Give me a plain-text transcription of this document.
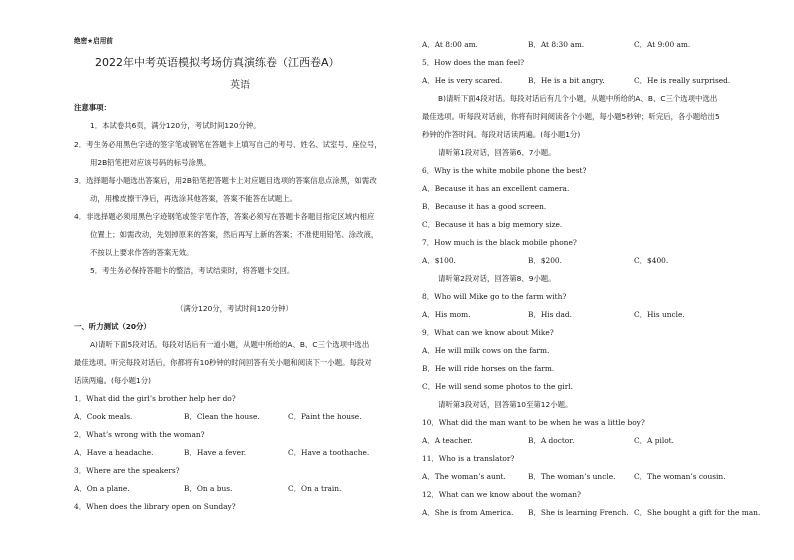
绝密★启用前
2022年中考英语模拟考场仿真演练卷（江西卷A）
英语
注意事项：
1．本试卷共6页，满分120分，考试时间120分钟。
2．考生务必用黑色字迹的签字笔或钢笔在答题卡上填写自己的考号、姓名、试室号、座位号，
用2B铅笔把对应该号码的标号涂黑。
3．选择题每小题选出答案后，用2B铅笔把答题卡上对应题目选项的答案信息点涂黑，如需改
动，用橡皮擦干净后，再选涂其他答案，答案不能答在试题上。
4．非选择题必须用黑色字迹钢笔或签字笔作答，答案必须写在答题卡各题目指定区域内相应
位置上；如需改动，先划掉原来的答案，然后再写上新的答案；不准使用铅笔、涂改液，
不按以上要求作答的答案无效。
5．考生务必保持答题卡的整洁，考试结束时，将答题卡交回。
（满分120分，考试时间120分钟）
一、听力测试（20分）
A)请听下面5段对话。每段对话后有一道小题，从题中所给的A、B、C三个选项中选出
最佳选项。听完每段对话后，你都将有10秒钟的时间回答有关小题和阅读下一小题。每段对
话读两遍。(每小题1分)
1．What did the girl’s brother help her do?
A．Cook meals.	B．Clean the house.	C．Paint the house.
2．What’s wrong with the woman?
A．Have a headache.	B．Have a fever.	C．Have a toothache.
3．Where are the speakers?
A．On a plane.	B．On a bus.	C．On a train.
4．When does the library open on Sunday?
A．At 8:00 am.	B．At 8:30 am.	C．At 9:00 am.
5．How does the man feel?
A．He is very scared.	B．He is a bit angry.	C．He is really surprised.
B)请听下面4段对话。每段对话后有几个小题，从题中所给的A、B、C三个选项中选出
最佳选项。听每段对话前，你将有时间阅读各个小题，每小题5秒钟；听完后，各小题给出5
秒钟的作答时间。每段对话读两遍。(每小题1分)
请听第1段对话，回答第6、7小题。
6．Why is the white mobile phone the best?
A．Because it has an excellent camera.
B．Because it has a good screen.
C．Because it has a big memory size.
7．How much is the black mobile phone?
A．$100.	B．$200.	C．$400.
请听第2段对话，回答第8、9小题。
8．Who will Mike go to the farm with?
A．His mom.	B．His dad.	C．His uncle.
9．What can we know about Mike?
A．He will milk cows on the farm.
B．He will ride horses on the farm.
C．He will send some photos to the girl.
请听第3段对话，回答第10至第12小题。
10．What did the man want to be when he was a little boy?
A．A teacher.	B．A doctor.	C．A pilot.
11．Who is a translator?
A．The woman’s aunt.	B．The woman’s uncle.	C．The woman’s cousin.
12．What can we know about the woman?
A．She is from America. B．She is learning French. C．She bought a gift for the man.
